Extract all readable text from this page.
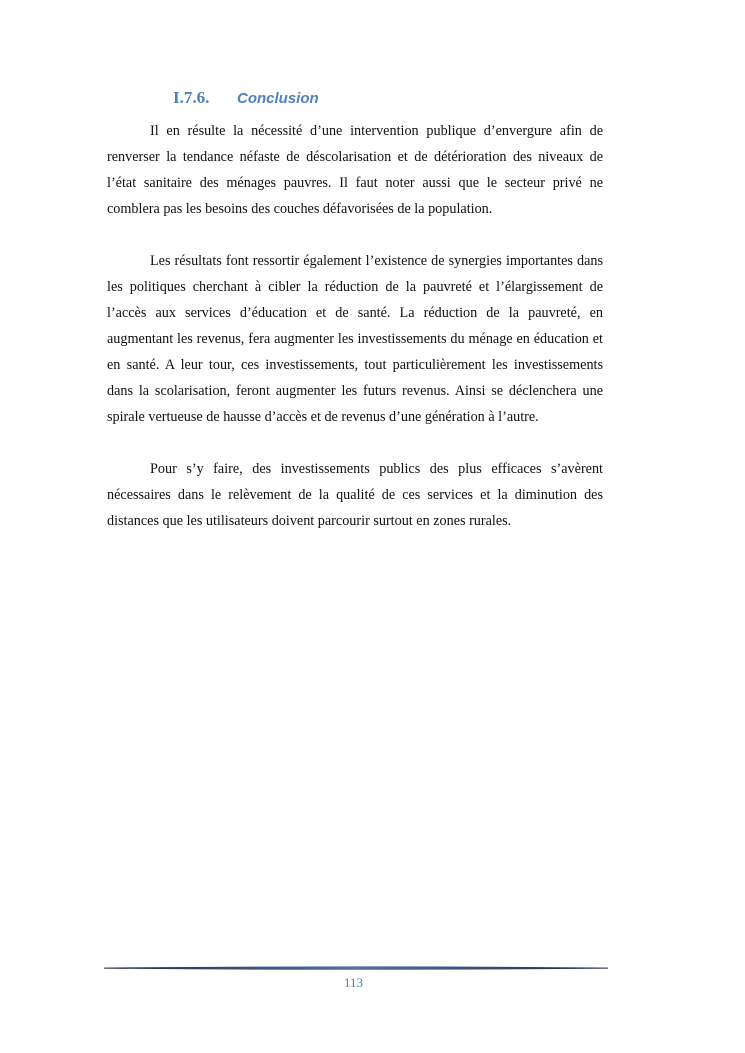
I.7.6.	Conclusion

Il en résulte la nécessité d’une intervention publique d’envergure afin de renverser la tendance néfaste de déscolarisation et de détérioration des niveaux de l’état sanitaire des ménages pauvres. Il faut noter aussi que le secteur privé ne comblera pas les besoins des couches défavorisées de la population.

Les résultats font ressortir également l’existence de synergies importantes dans les politiques cherchant à cibler la réduction de la pauvreté et l’élargissement de l’accès aux services d’éducation et de santé. La réduction de la pauvreté, en augmentant les revenus, fera augmenter les investissements du ménage en éducation et en santé. A leur tour, ces investissements, tout particulièrement les investissements dans la scolarisation, feront augmenter les futurs revenus. Ainsi se déclenchera une spirale vertueuse de hausse d’accès et de revenus d’une génération à l’autre.

Pour s’y faire, des investissements publics des plus efficaces s’avèrent nécessaires dans le relèvement de la qualité de ces services et la diminution des distances que les utilisateurs doivent parcourir surtout en zones rurales.

113
